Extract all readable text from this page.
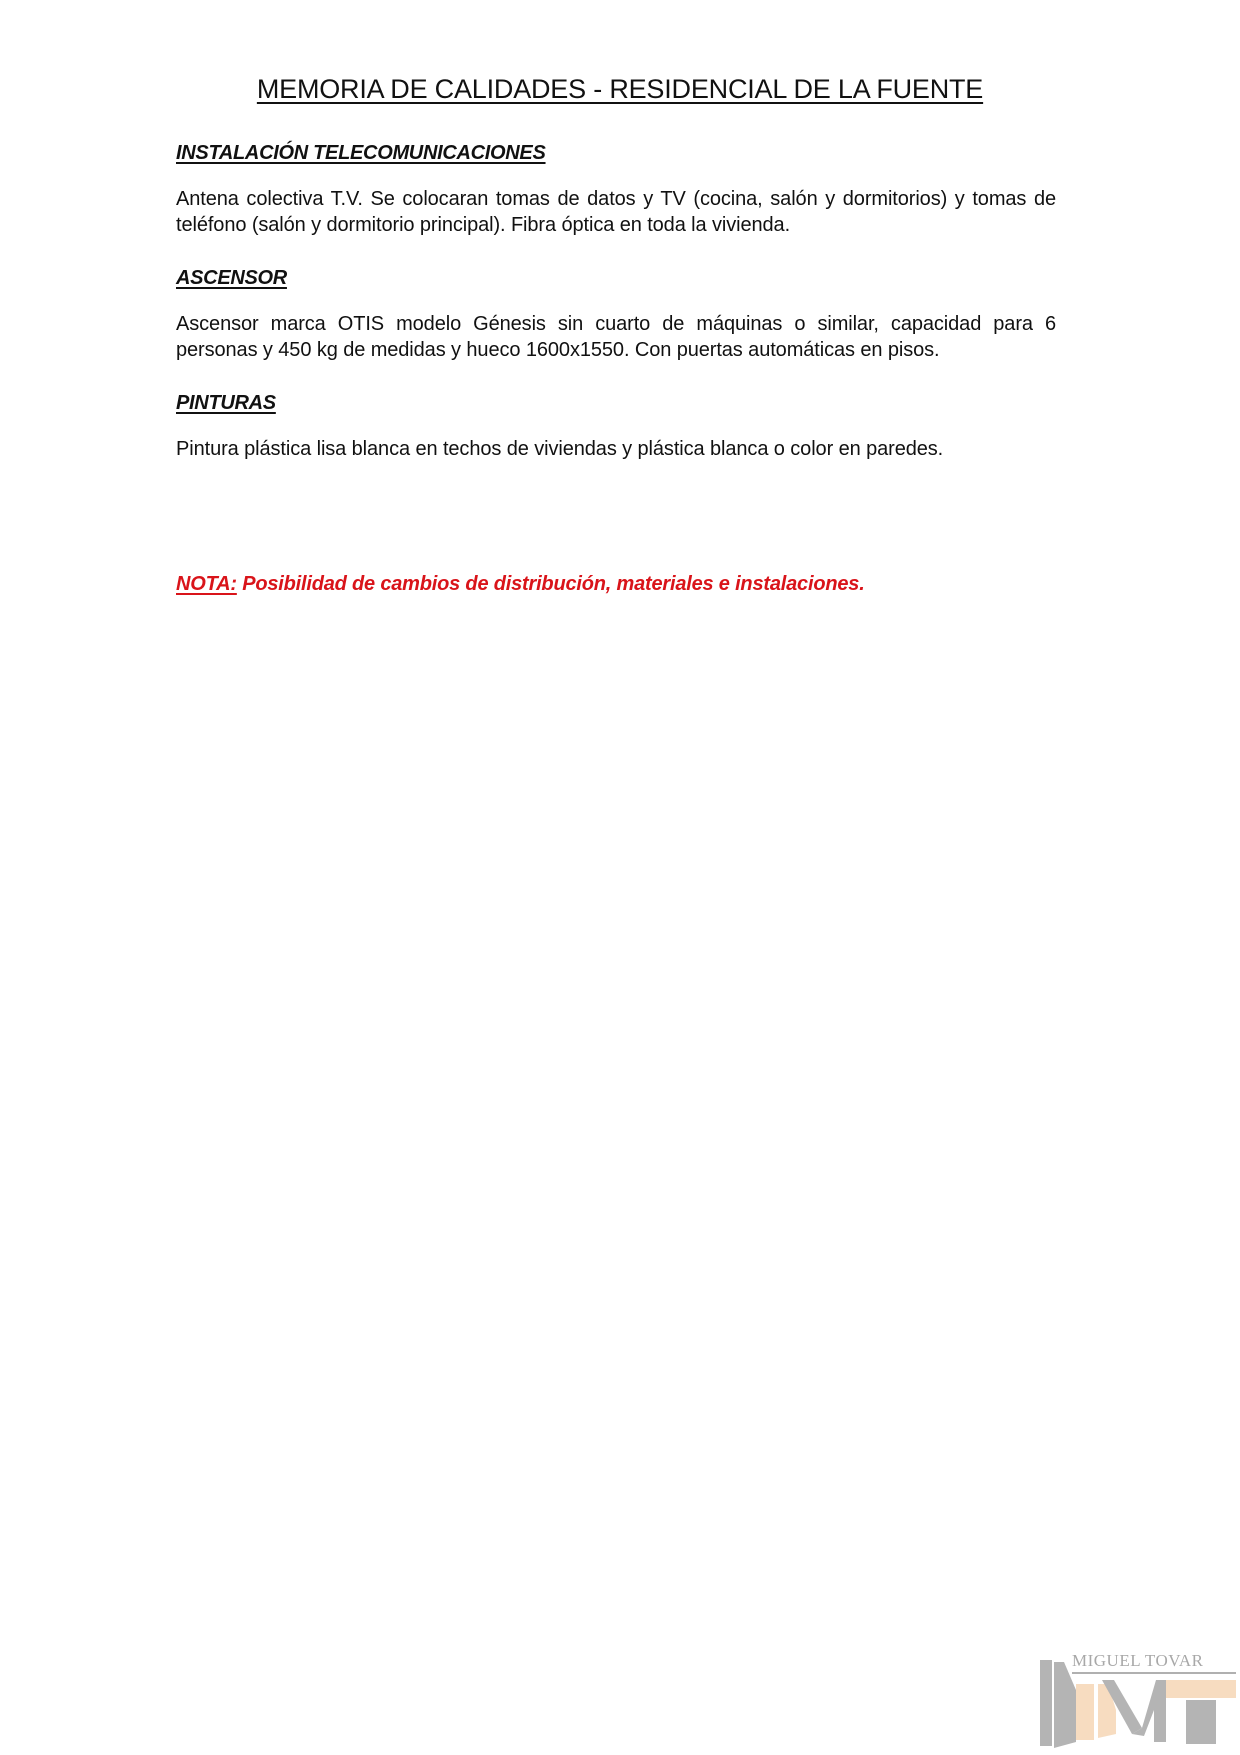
MEMORIA DE CALIDADES - RESIDENCIAL DE LA FUENTE
INSTALACIÓN TELECOMUNICACIONES
Antena colectiva T.V. Se colocaran tomas de datos y TV (cocina, salón y dormitorios) y tomas de teléfono (salón y dormitorio principal). Fibra óptica en toda la vivienda.
ASCENSOR
Ascensor marca OTIS modelo Génesis sin cuarto de máquinas o similar, capacidad para 6 personas y 450 kg de medidas y hueco 1600x1550. Con puertas automáticas en pisos.
PINTURAS
Pintura plástica lisa blanca en techos de viviendas y plástica blanca o color en paredes.
NOTA: Posibilidad de cambios de distribución, materiales e instalaciones.
MIGUEL TOVAR
